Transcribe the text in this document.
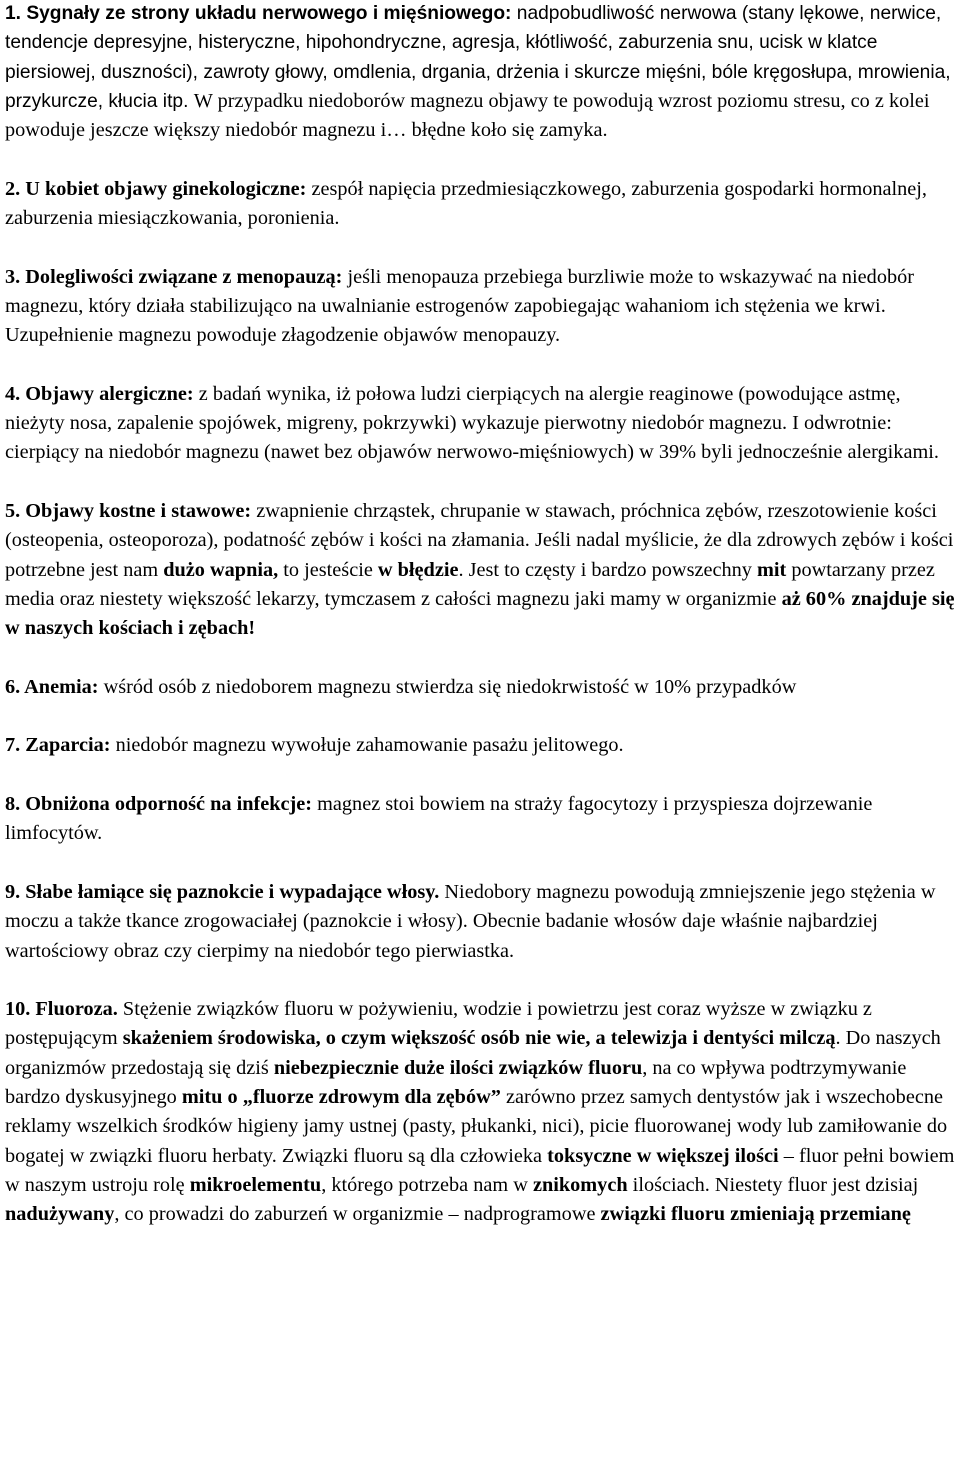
1. Sygnały ze strony układu nerwowego i mięśniowego: nadpobudliwość nerwowa (stany lękowe, nerwice, tendencje depresyjne, histeryczne, hipohondryczne, agresja, kłótliwość, zaburzenia snu, ucisk w klatce piersiowej, duszności), zawroty głowy, omdlenia, drgania, drżenia i skurcze mięśni, bóle kręgosłupa, mrowienia, przykurcze, kłucia itp. W przypadku niedoborów magnezu objawy te powodują wzrost poziomu stresu, co z kolei powoduje jeszcze większy niedobór magnezu i… błędne koło się zamyka.

2. U kobiet objawy ginekologiczne: zespół napięcia przedmiesiączkowego, zaburzenia gospodarki hormonalnej, zaburzenia miesiączkowania, poronienia.

3. Dolegliwości związane z menopauzą: jeśli menopauza przebiega burzliwie może to wskazywać na niedobór magnezu, który działa stabilizująco na uwalnianie estrogenów zapobiegając wahaniom ich stężenia we krwi. Uzupełnienie magnezu powoduje złagodzenie objawów menopauzy.

4. Objawy alergiczne: z badań wynika, iż połowa ludzi cierpiących na alergie reaginowe (powodujące astmę, nieżyty nosa, zapalenie spojówek, migreny, pokrzywki) wykazuje pierwotny niedobór magnezu. I odwrotnie: cierpiący na niedobór magnezu (nawet bez objawów nerwowo-mięśniowych) w 39% byli jednocześnie alergikami.

5. Objawy kostne i stawowe: zwapnienie chrząstek, chrupanie w stawach, próchnica zębów, rzeszotowienie kości (osteopenia, osteoporoza), podatność zębów i kości na złamania. Jeśli nadal myślicie, że dla zdrowych zębów i kości potrzebne jest nam dużo wapnia, to jesteście w błędzie. Jest to częsty i bardzo powszechny mit powtarzany przez media oraz niestety większość lekarzy, tymczasem z całości magnezu jaki mamy w organizmie aż 60% znajduje się w naszych kościach i zębach!

6. Anemia: wśród osób z niedoborem magnezu stwierdza się niedokrwistość w 10% przypadków

7. Zaparcia: niedobór magnezu wywołuje zahamowanie pasażu jelitowego.

8. Obniżona odporność na infekcje: magnez stoi bowiem na straży fagocytozy i przyspiesza dojrzewanie limfocytów.

9. Słabe łamiące się paznokcie i wypadające włosy. Niedobory magnezu powodują zmniejszenie jego stężenia w moczu a także tkance zrogowaciałej (paznokcie i włosy). Obecnie badanie włosów daje właśnie najbardziej wartościowy obraz czy cierpimy na niedobór tego pierwiastka.

10. Fluoroza. Stężenie związków fluoru w pożywieniu, wodzie i powietrzu jest coraz wyższe w związku z postępującym skażeniem środowiska, o czym większość osób nie wie, a telewizja i dentyści milczą. Do naszych organizmów przedostają się dziś niebezpiecznie duże ilości związków fluoru, na co wpływa podtrzymywanie bardzo dyskusyjnego mitu o „fluorze zdrowym dla zębów” zarówno przez samych dentystów jak i wszechobecne reklamy wszelkich środków higieny jamy ustnej (pasty, płukanki, nici), picie fluorowanej wody lub zamiłowanie do bogatej w związki fluoru herbaty. Związki fluoru są dla człowieka toksyczne w większej ilości – fluor pełni bowiem w naszym ustroju rolę mikroelementu, którego potrzeba nam w znikomych ilościach. Niestety fluor jest dzisiaj nadużywany, co prowadzi do zaburzeń w organizmie – nadprogramowe związki fluoru zmieniają przemianę
